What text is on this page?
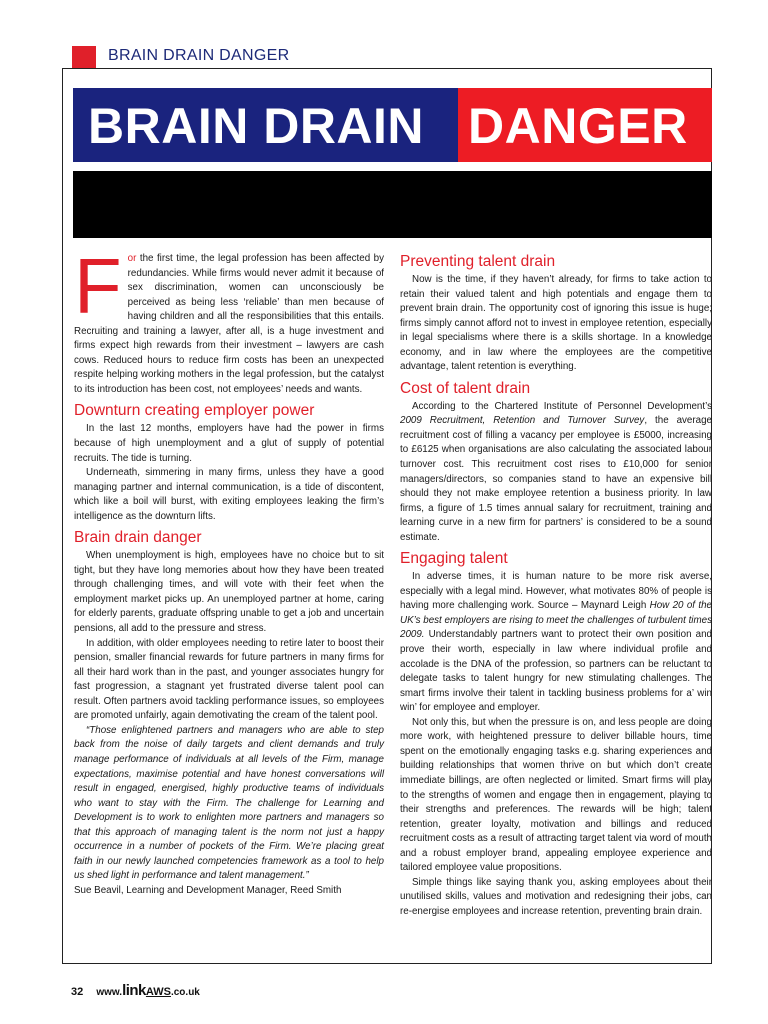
BRAIN DRAIN DANGER
BRAIN DRAIN DANGER

For the first time, the legal profession has been affected by redundancies. While firms would never admit it because of sex discrimination, women can unconsciously be perceived as being less ‘reliable’ than men because of having children and all the responsibilities that this entails. Recruiting and training a lawyer, after all, is a huge investment and firms expect high rewards from their investment – lawyers are cash cows. Reduced hours to reduce firm costs has been an unexpected respite helping working mothers in the legal profession, but the catalyst to its introduction has been cost, not employees’ needs and wants.

Downturn creating employer power

In the last 12 months, employers have had the power in firms because of high unemployment and a glut of supply of potential recruits. The tide is turning.

Underneath, simmering in many firms, unless they have a good managing partner and internal communication, is a tide of discontent, which like a boil will burst, with exiting employees leaking the firm’s intelligence as the downturn lifts.

Brain drain danger

When unemployment is high, employees have no choice but to sit tight, but they have long memories about how they have been treated through challenging times, and will vote with their feet when the employment market picks up. An unemployed partner at home, caring for elderly parents, graduate offspring unable to get a job and uncertain pensions, all add to the pressure and stress.

In addition, with older employees needing to retire later to boost their pension, smaller financial rewards for future partners in many firms for all their hard work than in the past, and younger associates hungry for fast progression, a stagnant yet frustrated diverse talent pool can result. Often partners avoid tackling performance issues, so employees are promoted unfairly, again demotivating the cream of the talent pool.

“Those enlightened partners and managers who are able to step back from the noise of daily targets and client demands and truly manage performance of individuals at all levels of the Firm, manage expectations, maximise potential and have honest conversations will result in engaged, energised, highly productive teams of individuals who want to stay with the Firm. The challenge for Learning and Development is to work to enlighten more partners and managers so that this approach of managing talent is the norm not just a happy occurrence in a number of pockets of the Firm. We’re placing great faith in our newly launched competencies framework as a tool to help us shed light in performance and talent management.”

Sue Beavil, Learning and Development Manager, Reed Smith

Preventing talent drain

Now is the time, if they haven’t already, for firms to take action to retain their valued talent and high potentials and engage them to prevent brain drain. The opportunity cost of ignoring this issue is huge; firms simply cannot afford not to invest in employee retention, especially in legal specialisms where there is a skills shortage. In a knowledge economy, and in law where the employees are the competitive advantage, talent retention is everything.

Cost of talent drain

According to the Chartered Institute of Personnel Development’s 2009 Recruitment, Retention and Turnover Survey, the average recruitment cost of filling a vacancy per employee is £5000, increasing to £6125 when organisations are also calculating the associated labour turnover cost. This recruitment cost rises to £10,000 for senior managers/directors, so companies stand to have an expensive bill should they not make employee retention a business priority. In law firms, a figure of 1.5 times annual salary for recruitment, training and learning curve in a new firm for partners’ is considered to be a sound estimate.

Engaging talent

In adverse times, it is human nature to be more risk averse, especially with a legal mind. However, what motivates 80% of people is having more challenging work. Source – Maynard Leigh How 20 of the UK’s best employers are rising to meet the challenges of turbulent times 2009. Understandably partners want to protect their own position and prove their worth, especially in law where individual profile and accolade is the DNA of the profession, so partners can be reluctant to delegate tasks to talent hungry for new stimulating challenges. The smart firms involve their talent in tackling business problems for a’ win win’ for employee and employer.

Not only this, but when the pressure is on, and less people are doing more work, with heightened pressure to deliver billable hours, time spent on the emotionally engaging tasks e.g. sharing experiences and building relationships that women thrive on but which don’t create immediate billings, are often neglected or limited. Smart firms will play to the strengths of women and engage then in engagement, playing to their strengths and preferences. The rewards will be high; talent retention, greater loyalty, motivation and billings and reduced recruitment costs as a result of attracting target talent via word of mouth and a robust employer brand, appealing employee experience and tailored employee value propositions.

Simple things like saying thank you, asking employees about their unutilised skills, values and motivation and redesigning their jobs, can re-energise employees and increase retention, preventing brain drain.

32 www.linkAWS.co.uk
